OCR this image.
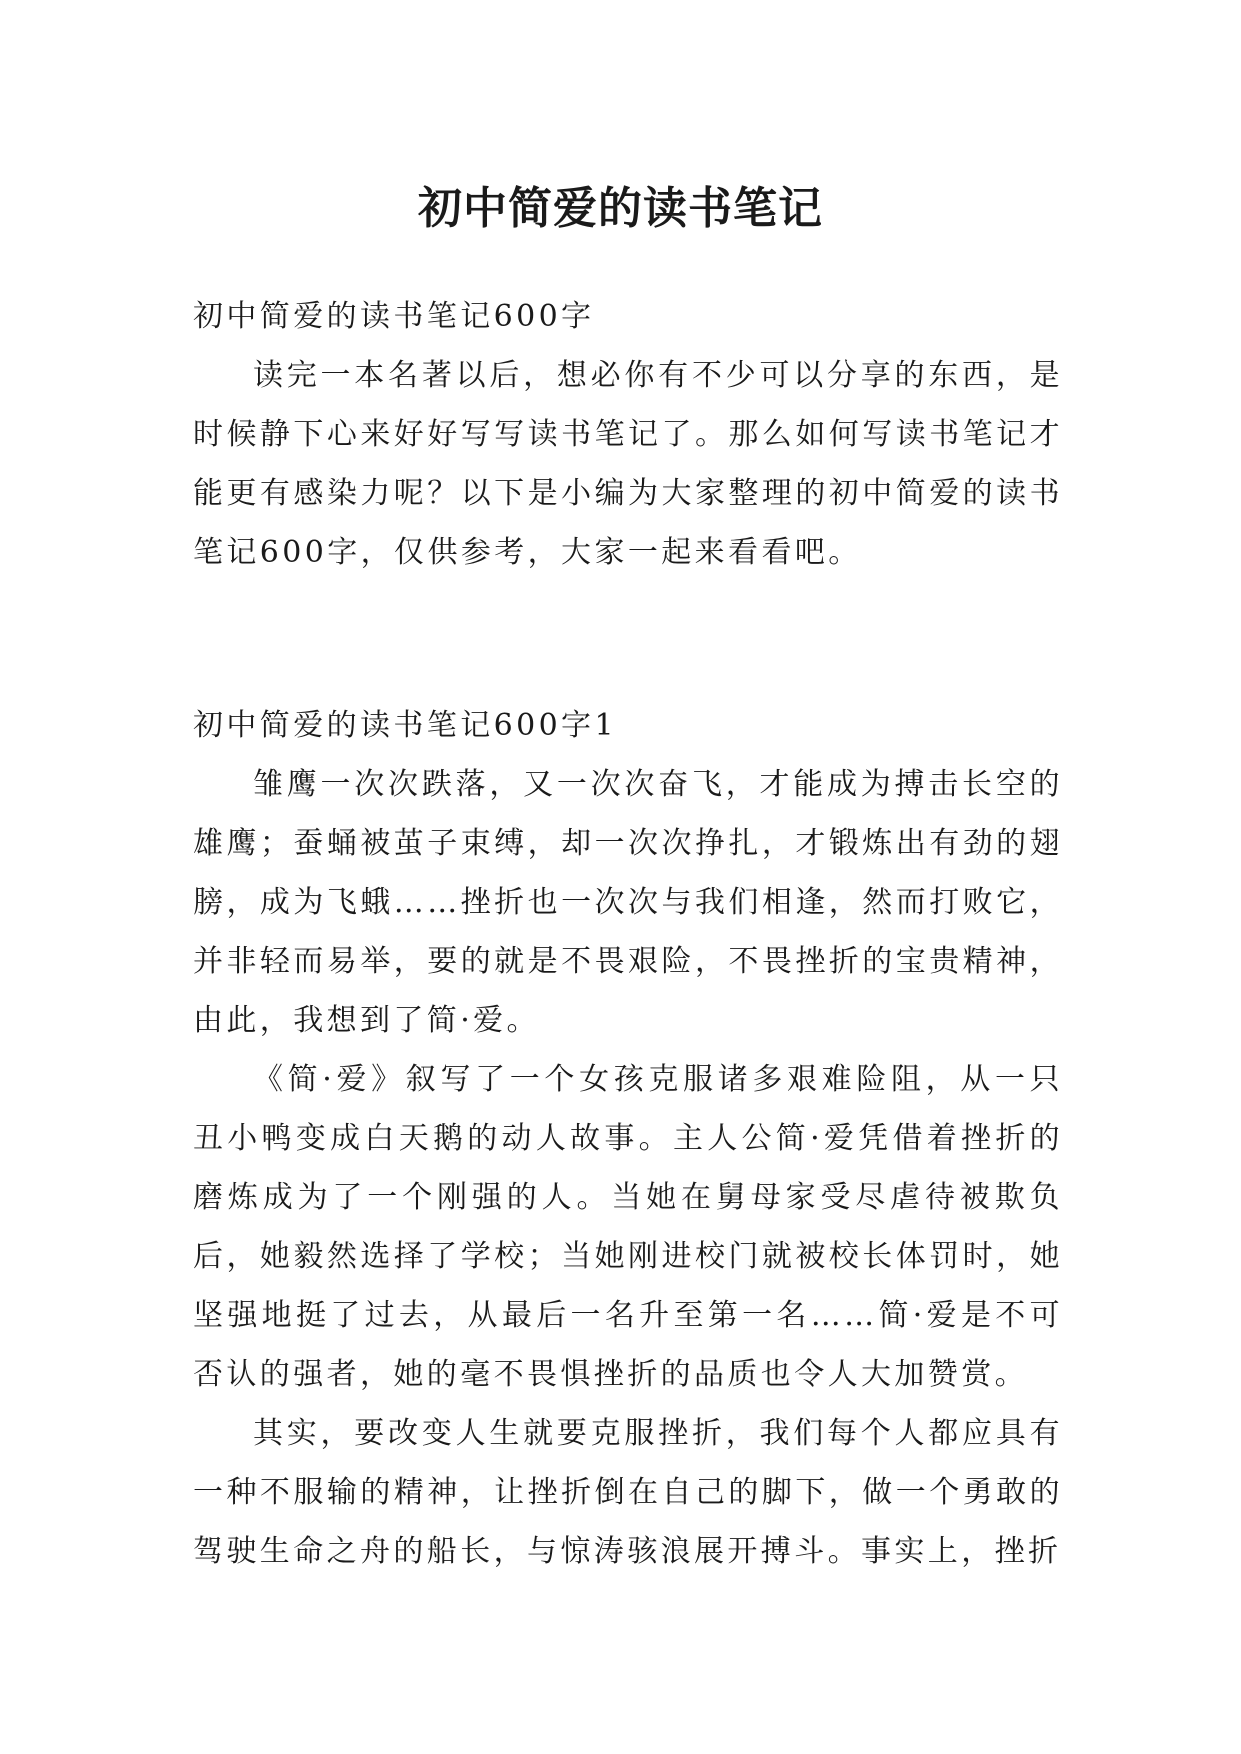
初中简爱的读书笔记

初中简爱的读书笔记600字

读完一本名著以后，想必你有不少可以分享的东西，是时候静下心来好好写写读书笔记了。那么如何写读书笔记才能更有感染力呢？以下是小编为大家整理的初中简爱的读书笔记600字，仅供参考，大家一起来看看吧。

初中简爱的读书笔记600字1

雏鹰一次次跌落，又一次次奋飞，才能成为搏击长空的雄鹰；蚕蛹被茧子束缚，却一次次挣扎，才锻炼出有劲的翅膀，成为飞蛾……挫折也一次次与我们相逢，然而打败它，并非轻而易举，要的就是不畏艰险，不畏挫折的宝贵精神，由此，我想到了简·爱。

《简·爱》叙写了一个女孩克服诸多艰难险阻，从一只丑小鸭变成白天鹅的动人故事。主人公简·爱凭借着挫折的磨炼成为了一个刚强的人。当她在舅母家受尽虐待被欺负后，她毅然选择了学校；当她刚进校门就被校长体罚时，她坚强地挺了过去，从最后一名升至第一名……简·爱是不可否认的强者，她的毫不畏惧挫折的品质也令人大加赞赏。

其实，要改变人生就要克服挫折，我们每个人都应具有一种不服输的精神，让挫折倒在自己的脚下，做一个勇敢的驾驶生命之舟的船长，与惊涛骇浪展开搏斗。事实上，挫折
